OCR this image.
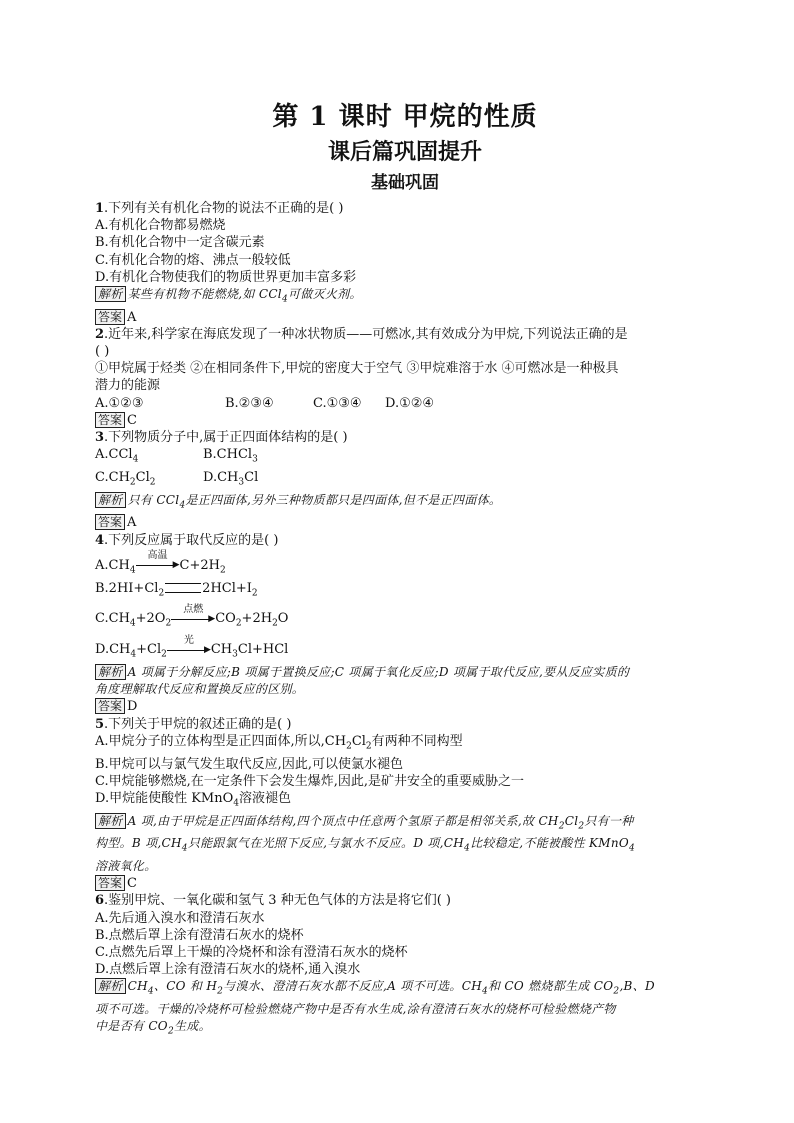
第 1 课时 甲烷的性质
课后篇巩固提升
基础巩固
1.下列有关有机化合物的说法不正确的是( )
A.有机化合物都易燃烧
B.有机化合物中一定含碳元素
C.有机化合物的熔、沸点一般较低
D.有机化合物使我们的物质世界更加丰富多彩
解析 某些有机物不能燃烧,如 CCl$_4$可做灭火剂。
答案 A
2.近年来,科学家在海底发现了一种冰状物质——可燃冰,其有效成分为甲烷,下列说法正确的是
( )
①甲烷属于烃类 ②在相同条件下,甲烷的密度大于空气 ③甲烷难溶于水 ④可燃冰是一种极具
潜力的能源
A.①②③	B.②③④	C.①③④ D.①②④
答案 C
3.下列物质分子中,属于正四面体结构的是( )
A.CCl$_4$	B.CHCl$_3$
$C.CH_2Cl_2$	$D.CH_3Cl$
解析 只有 CCl$_4$是正四面体,另外三种物质都只是四面体,但不是正四面体。
答案 A
4.下列反应属于取代反应的是( )
$A.CH_4$
高温
▶ $C+2H_2$
$B.2HI+Cl_2$	$2HCl+I_2$
$C.CH_4+2O_2$
点燃
▶ $CO_2+2H_2O$
$D.CH_4+Cl_2$
光
▶ $CH_3Cl+HCl$
解析 A 项属于分解反应;B 项属于置换反应;C 项属于氧化反应;D 项属于取代反应,要从反应实质的
角度理解取代反应和置换反应的区别。
答案 D
5.下列关于甲烷的叙述正确的是( )
A.甲烷分子的立体构型是正四面体,所以$,CH_2Cl_2$有两种不同构型
B.甲烷可以与氯气发生取代反应,因此,可以使氯水褪色
C.甲烷能够燃烧,在一定条件下会发生爆炸,因此,是矿井安全的重要威胁之一
D.甲烷能使酸性 KMnO$_4$溶液褪色
解析 A 项,由于甲烷是正四面体结构,四个顶点中任意两个氢原子都是相邻关系,故 $CH_2Cl_2$只有一种
构型。B 项$,CH_4$只能跟氯气在光照下反应,与氯水不反应。D 项$,CH_4$比较稳定,不能被酸性 KMnO$_4$
溶液氧化。
答案 C
6.鉴别甲烷、一氧化碳和氢气 3 种无色气体的方法是将它们( )
A.先后通入溴水和澄清石灰水
B.点燃后罩上涂有澄清石灰水的烧杯
C.点燃先后罩上干燥的冷烧杯和涂有澄清石灰水的烧杯
D.点燃后罩上涂有澄清石灰水的烧杯,通入溴水
解析 $CH_4$、CO 和 $H_2$与溴水、澄清石灰水都不反应,A 项不可选。$CH_4$和 CO 燃烧都生成 $CO_2,B$、D
项不可选。干燥的冷烧杯可检验燃烧产物中是否有水生成,涂有澄清石灰水的烧杯可检验燃烧产物
中是否有 $CO_2$生成。
